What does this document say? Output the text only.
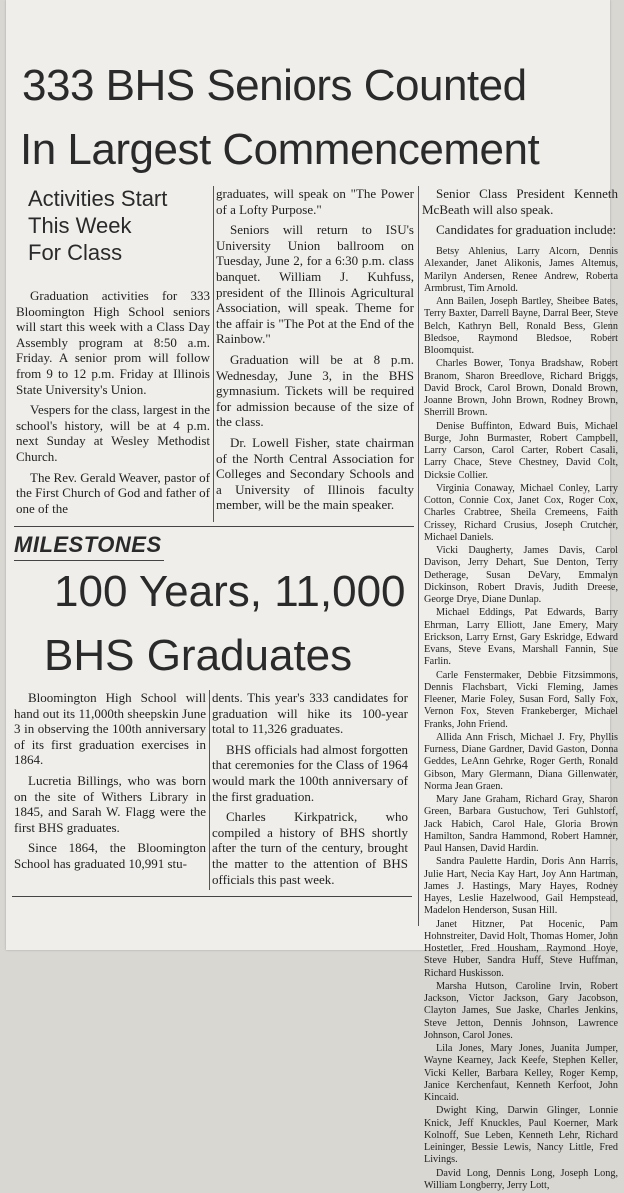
333 BHS Seniors Counted
In Largest Commencement
Activities Start
This Week
For Class

Graduation activities for 333 Bloomington High School seniors will start this week with a Class Day Assembly program at 8:50 a.m. Friday. A senior prom will follow from 9 to 12 p.m. Friday at Illinois State University's Union.

Vespers for the class, largest in the school's history, will be at 4 p.m. next Sunday at Wesley Methodist Church.

The Rev. Gerald Weaver, pastor of the First Church of God and father of one of the

graduates, will speak on "The Power of a Lofty Purpose."

Seniors will return to ISU's University Union ballroom on Tuesday, June 2, for a 6:30 p.m. class banquet. William J. Kuhfuss, president of the Illinois Agricultural Association, will speak. Theme for the affair is "The Pot at the End of the Rainbow."

Graduation will be at 8 p.m. Wednesday, June 3, in the BHS gymnasium. Tickets will be required for admission because of the size of the class.

Dr. Lowell Fisher, state chairman of the North Central Association for Colleges and Secondary Schools and a University of Illinois faculty member, will be the main speaker.

Senior Class President Kenneth McBeath will also speak.

Candidates for graduation include:

Betsy Ahlenius, Larry Alcorn, Dennis Alexander, Janet Alikonis, James Altemus, Marilyn Andersen, Renee Andrew, Roberta Armbrust, Tim Arnold.

Ann Bailen, Joseph Bartley, Sheibee Bates, Terry Baxter, Darrell Bayne, Darral Beer, Steve Belch, Kathryn Bell, Ronald Bess, Glenn Bledsoe, Raymond Bledsoe, Robert Bloomquist.

Charles Bower, Tonya Bradshaw, Robert Branom, Sharon Breedlove, Richard Briggs, David Brock, Carol Brown, Donald Brown, Joanne Brown, John Brown, Rodney Brown, Sherrill Brown.

Denise Buffinton, Edward Buis, Michael Burge, John Burmaster, Robert Campbell, Larry Carson, Carol Carter, Robert Casali, Larry Chace, Steve Chestney, David Colt, Dicksie Collier.

Virginia Conaway, Michael Conley, Larry Cotton, Connie Cox, Janet Cox, Roger Cox, Charles Crabtree, Sheila Cremeens, Faith Crissey, Richard Crusius, Joseph Crutcher, Michael Daniels.

Vicki Daugherty, James Davis, Carol Davison, Jerry Dehart, Sue Denton, Terry Detherage, Susan DeVary, Emmalyn Dickinson, Robert Dravis, Judith Dreese, George Drye, Diane Dunlap.

Michael Eddings, Pat Edwards, Barry Ehrman, Larry Elliott, Jane Emery, Mary Erickson, Larry Ernst, Gary Eskridge, Edward Evans, Steve Evans, Marshall Fannin, Sue Farlin.

Carle Fenstermaker, Debbie Fitzsimmons, Dennis Flachsbart, Vicki Fleming, James Fleener, Marie Foley, Susan Ford, Sally Fox, Vernon Fox, Steven Frankeberger, Michael Franks, John Friend.

Allida Ann Frisch, Michael J. Fry, Phyllis Furness, Diane Gardner, David Gaston, Donna Geddes, LeAnn Gehrke, Roger Gerth, Ronald Gibson, Mary Glermann, Diana Gillenwater, Norma Jean Graen.

Mary Jane Graham, Richard Gray, Sharon Green, Barbara Gustuchow, Teri Guhlstorf, Jack Habich, Carol Hale, Gloria Brown Hamilton, Sandra Hammond, Robert Hamner, Paul Hansen, David Hardin.

Sandra Paulette Hardin, Doris Ann Harris, Julie Hart, Necia Kay Hart, Joy Ann Hartman, James J. Hastings, Mary Hayes, Rodney Hayes, Leslie Hazelwood, Gail Hempstead, Madelon Henderson, Susan Hill.

Janet Hitzner, Pat Hocenic, Pam Hohnstreiter, David Holt, Thomas Homer, John Hostetler, Fred Housham, Raymond Hoye, Steve Huber, Sandra Huff, Steve Huffman, Richard Huskisson.

Marsha Hutson, Caroline Irvin, Robert Jackson, Victor Jackson, Gary Jacobson, Clayton James, Sue Jaske, Charles Jenkins, Steve Jetton, Dennis Johnson, Lawrence Johnson, Carol Jones.

Lila Jones, Mary Jones, Juanita Jumper, Wayne Kearney, Jack Keefe, Stephen Keller, Vicki Keller, Barbara Kelley, Roger Kemp, Janice Kerchenfaut, Kenneth Kerfoot, John Kincaid.

Dwight King, Darwin Glinger, Lonnie Knick, Jeff Knuckles, Paul Koerner, Mark Kolnoff, Sue Leben, Kenneth Lehr, Richard Leininger, Bessie Lewis, Nancy Little, Fred Livings.

David Long, Dennis Long, Joseph Long, William Longberry, Jerry Lott,

MILESTONES
100 Years, 11,000
BHS Graduates

Bloomington High School will hand out its 11,000th sheepskin June 3 in observing the 100th anniversary of its first graduation exercises in 1864.

Lucretia Billings, who was born on the site of Withers Library in 1845, and Sarah W. Flagg were the first BHS graduates.

Since 1864, the Bloomington School has graduated 10,991 stu-

dents. This year's 333 candidates for graduation will hike its 100-year total to 11,326 graduates.

BHS officials had almost forgotten that ceremonies for the Class of 1964 would mark the 100th anniversary of the first graduation.

Charles Kirkpatrick, who compiled a history of BHS shortly after the turn of the century, brought the matter to the attention of BHS officials this past week.
